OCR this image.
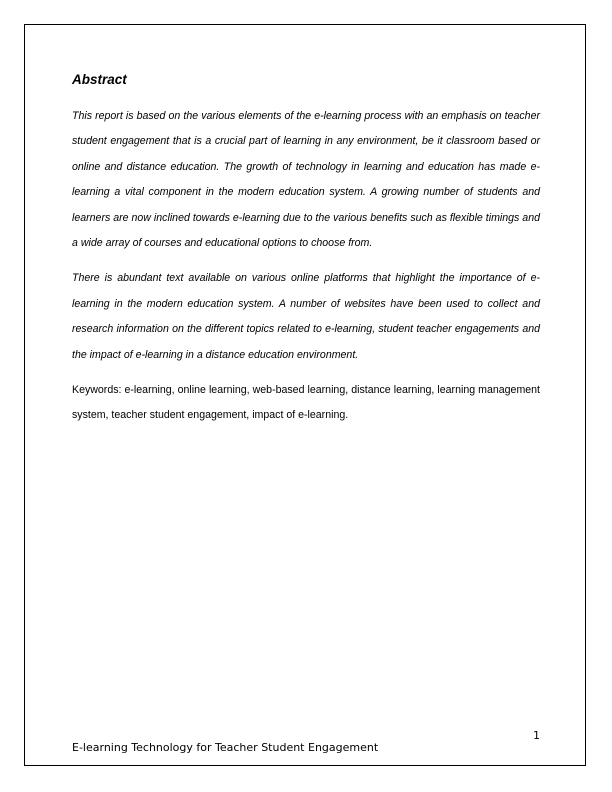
Abstract

This report is based on the various elements of the e-learning process with an emphasis on teacher student engagement that is a crucial part of learning in any environment, be it classroom based or online and distance education. The growth of technology in learning and education has made e-learning a vital component in the modern education system. A growing number of students and learners are now inclined towards e-learning due to the various benefits such as flexible timings and a wide array of courses and educational options to choose from.

There is abundant text available on various online platforms that highlight the importance of e-learning in the modern education system. A number of websites have been used to collect and research information on the different topics related to e-learning, student teacher engagements and the impact of e-learning in a distance education environment.

Keywords: e-learning, online learning, web-based learning, distance learning, learning management system, teacher student engagement, impact of e-learning.

1
E-learning Technology for Teacher Student Engagement
